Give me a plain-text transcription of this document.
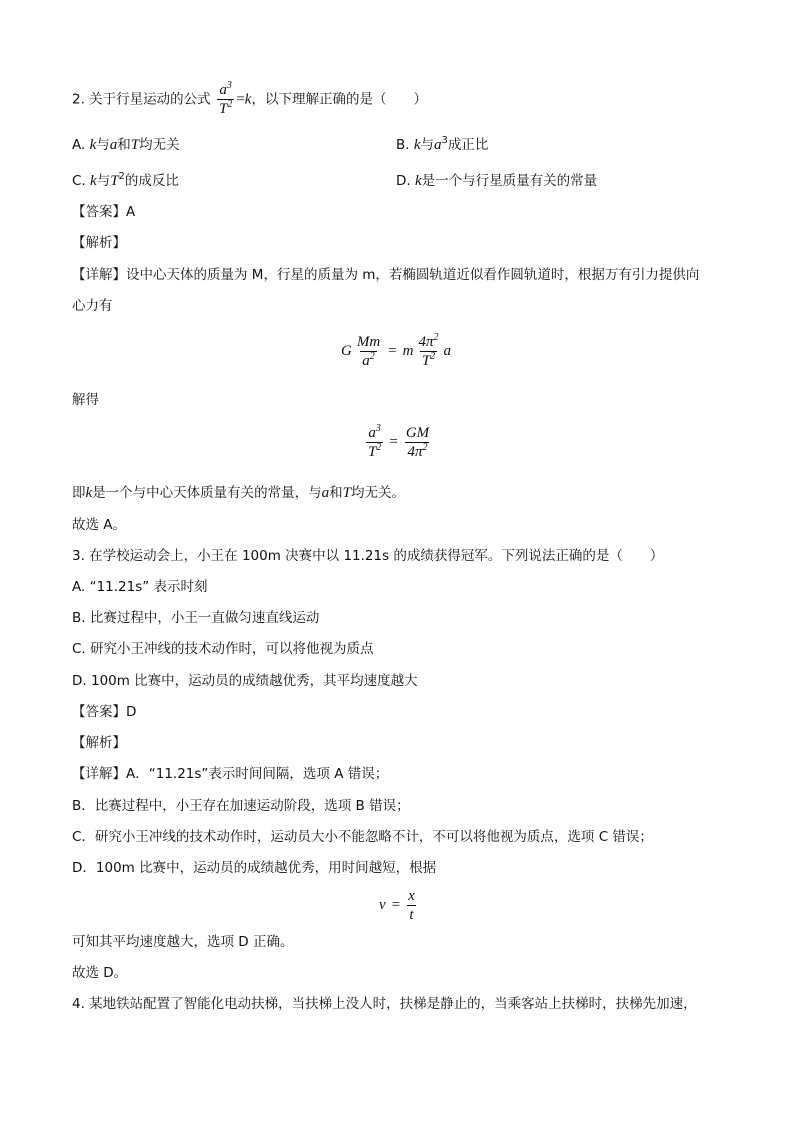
2. 关于行星运动的公式 $\frac{a^3}{T^2} =k$，以下理解正确的是（　　）
A. k与a和T均无关	B. k与$a^3$成正比
C. k与$T^2$的成反比	D. k是一个与行星质量有关的常量
【答案】A
【解析】
【详解】设中心天体的质量为 M，行星的质量为 m，若椭圆轨道近似看作圆轨道时，根据万有引力提供向
心力有
G $\frac{Mm}{a^2} = m \frac{4\pi^2}{T^2}$ a
解得
$\frac{a^3}{T^2} = \frac{GM}{4\pi^2}$
即k是一个与中心天体质量有关的常量，与a和T均无关。
故选 A。
3. 在学校运动会上，小王在 100m 决赛中以 11.21s 的成绩获得冠军。下列说法正确的是（　　）
A. “11.21s” 表示时刻
B. 比赛过程中，小王一直做匀速直线运动
C. 研究小王冲线的技术动作时，可以将他视为质点
D. 100m 比赛中，运动员的成绩越优秀，其平均速度越大
【答案】D
【解析】
【详解】A．“11.21s”表示时间间隔，选项 A 错误；
B．比赛过程中，小王存在加速运动阶段，选项 B 错误；
C．研究小王冲线的技术动作时，运动员大小不能忽略不计，不可以将他视为质点，选项 C 错误；
D．100m 比赛中，运动员的成绩越优秀，用时间越短，根据
$v = \frac{x}{t}$
可知其平均速度越大，选项 D 正确。
故选 D。
4. 某地铁站配置了智能化电动扶梯，当扶梯上没人时，扶梯是静止的，当乘客站上扶梯时，扶梯先加速，
